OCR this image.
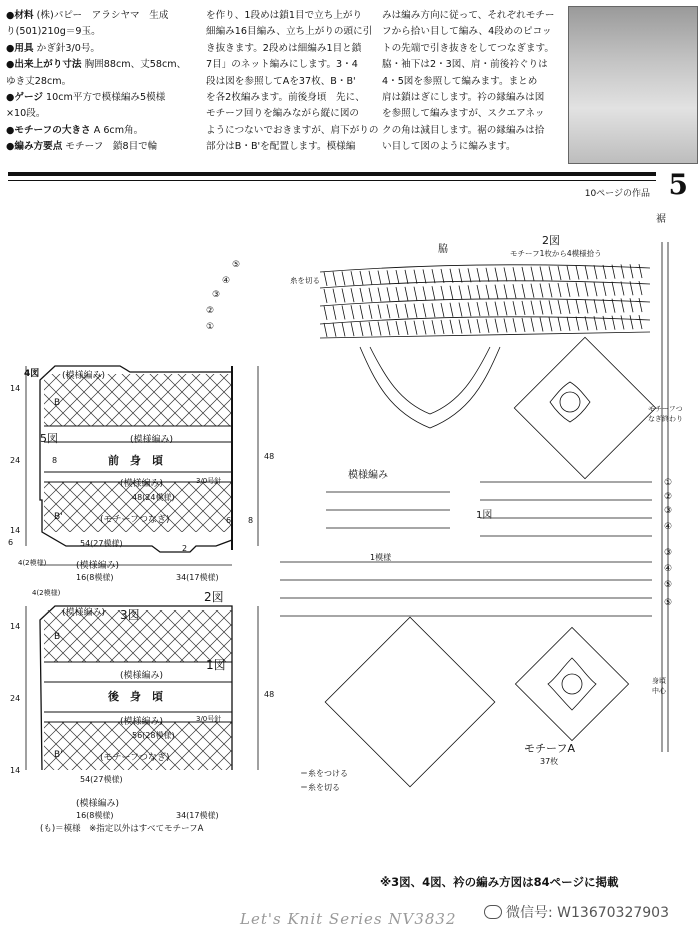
●材料 (株)パピー　アラシヤマ　生成

り(501)210g＝9玉。

●用具 かぎ針3/0号。

●出来上がり寸法 胸囲88cm、丈58cm、

ゆき丈28cm。

●ゲージ 10cm平方で模様編み5模様

×10段。

●モチーフの大きさ A 6cm角。

●編み方要点 モチーフ　鎖8目で輪

を作り、1段めは鎖1目で立ち上がり

細編み16目編み、立ち上がりの頭に引

き抜きます。2段めは細編み1目と鎖

7目」のネット編みにします。3・4

段は図を参照してAを37枚、B・B'

を各2枚編みます。前後身頃　先に、

モチーフ回りを編みながら縦に図の

ようにつないでおきますが、肩下がりの

部分はB・B'を配置します。模様編

みは編み方向に従って、それぞれモチー

フから拾い目して編み、4段めのピコッ

トの先端で引き抜きをしてつなぎます。

脇・袖下は2・3図、肩・前後衿ぐりは

4・5図を参照して編みます。まとめ

肩は鎖はぎにします。衿の縁編みは図

を参照して編みますが、スクエアネッ

クの角は減目します。裾の縁編みは拾

い目して図のように編みます。

5
10ページの作品
4図	(模様編み)
5図
B
(模様編み)
前　身　頃
(模様編み)	3/0号針
48(24模様)
B'	(モチーフつなぎ)
54(27模様)
(模様編み)
4(2模様)
16(8模様)	34(17模様)
14
24
14
48
8
6
2
6 8
4(2模様)
(模様編み) 3図
2図
B
1図
(模様編み)
後　身　頃
(模様編み)	3/0号針
56(28模様)
B'	(モチーフつなぎ)
54(27模様)
(模様編み)
16(8模様)	34(17模様)
14
24
14
48
(も)＝模様　※指定以外はすべてモチーフA
2図
脇	モチーフ1枚から4模様拾う
糸を切る
裾
モチーフつなぎ終わり
模様編み
1模様
1図
身頃中心
モチーフA
37枚
＝糸をつける
＝糸を切る
①
②
③
④
⑤
①
②
③
④
④
⑤
⑤
③
※3図、4図、衿の編み方図は84ページに掲載
Let's Knit Series NV3832	微信号: W13670327903
